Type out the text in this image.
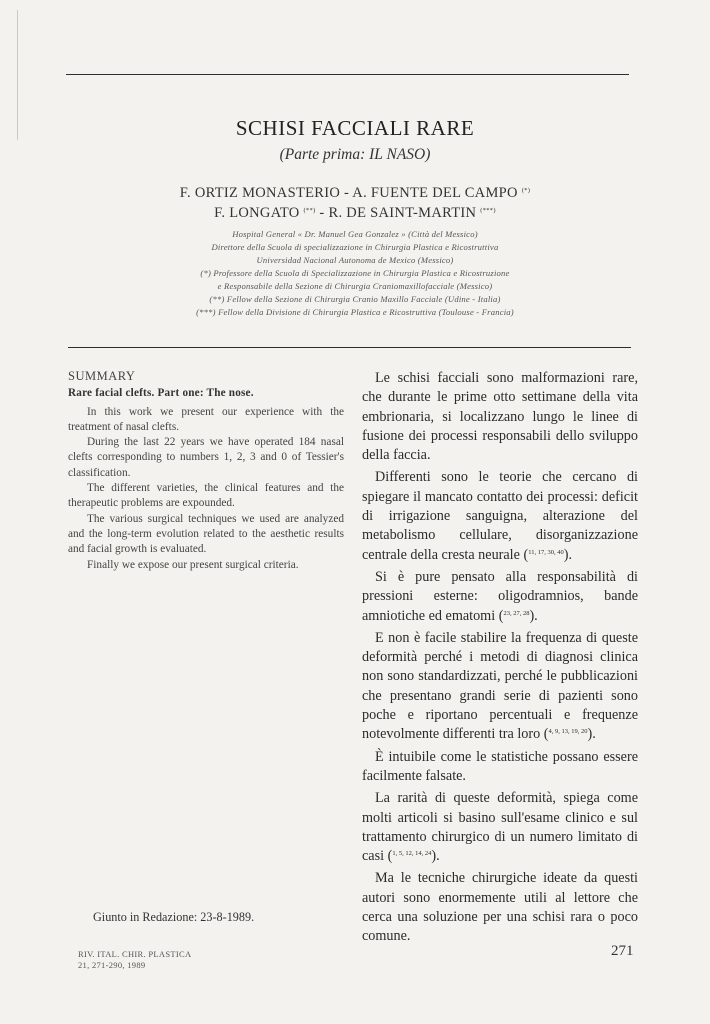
SCHISI FACCIALI RARE
(Parte prima: IL NASO)
F. ORTIZ MONASTERIO - A. FUENTE DEL CAMPO (*)
F. LONGATO (**) - R. DE SAINT-MARTIN (***)
Hospital General « Dr. Manuel Gea Gonzalez » (Città del Messico)
Direttore della Scuola di specializzazione in Chirurgia Plastica e Ricostruttiva
Universidad Nacional Autonoma de Mexico (Messico)
(*) Professore della Scuola di Specializzazione in Chirurgia Plastica e Ricostruzione
e Responsabile della Sezione di Chirurgia Craniomaxillofacciale (Messico)
(**) Fellow della Sezione di Chirurgia Cranio Maxillo Facciale (Udine - Italia)
(***) Fellow della Divisione di Chirurgia Plastica e Ricostruttiva (Toulouse - Francia)
SUMMARY
Rare facial clefts. Part one: The nose.

In this work we present our experience with the treatment of nasal clefts.

During the last 22 years we have operated 184 nasal clefts corresponding to numbers 1, 2, 3 and 0 of Tessier's classification.

The different varieties, the clinical features and the therapeutic problems are expounded.

The various surgical techniques we used are analyzed and the long-term evolution related to the aesthetic results and facial growth is evaluated.

Finally we expose our present surgical criteria.

Le schisi facciali sono malformazioni rare, che durante le prime otto settimane della vita embrionaria, si localizzano lungo le linee di fusione dei processi responsabili dello sviluppo della faccia.

Differenti sono le teorie che cercano di spiegare il mancato contatto dei processi: deficit di irrigazione sanguigna, alterazione del metabolismo cellulare, disorganizzazione centrale della cresta neurale ($^{11, 17, 30, 40}$).

Si è pure pensato alla responsabilità di pressioni esterne: oligodramnios, bande amniotiche ed ematomi ($^{23, 27, 28}$).

E non è facile stabilire la frequenza di queste deformità perché i metodi di diagnosi clinica non sono standardizzati, perché le pubblicazioni che presentano grandi serie di pazienti sono poche e riportano percentuali e frequenze notevolmente differenti tra loro ($^{4, 9, 13, 19, 20}$).

È intuibile come le statistiche possano essere facilmente falsate.

La rarità di queste deformità, spiega come molti articoli si basino sull'esame clinico e sul trattamento chirurgico di un numero limitato di casi ($^{1, 5, 12, 14, 24}$).

Ma le tecniche chirurgiche ideate da questi autori sono enormemente utili al lettore che cerca una soluzione per una schisi rara o poco comune.

Giunto in Redazione: 23-8-1989.
RIV. ITAL. CHIR. PLASTICA
21, 271-290, 1989
271
